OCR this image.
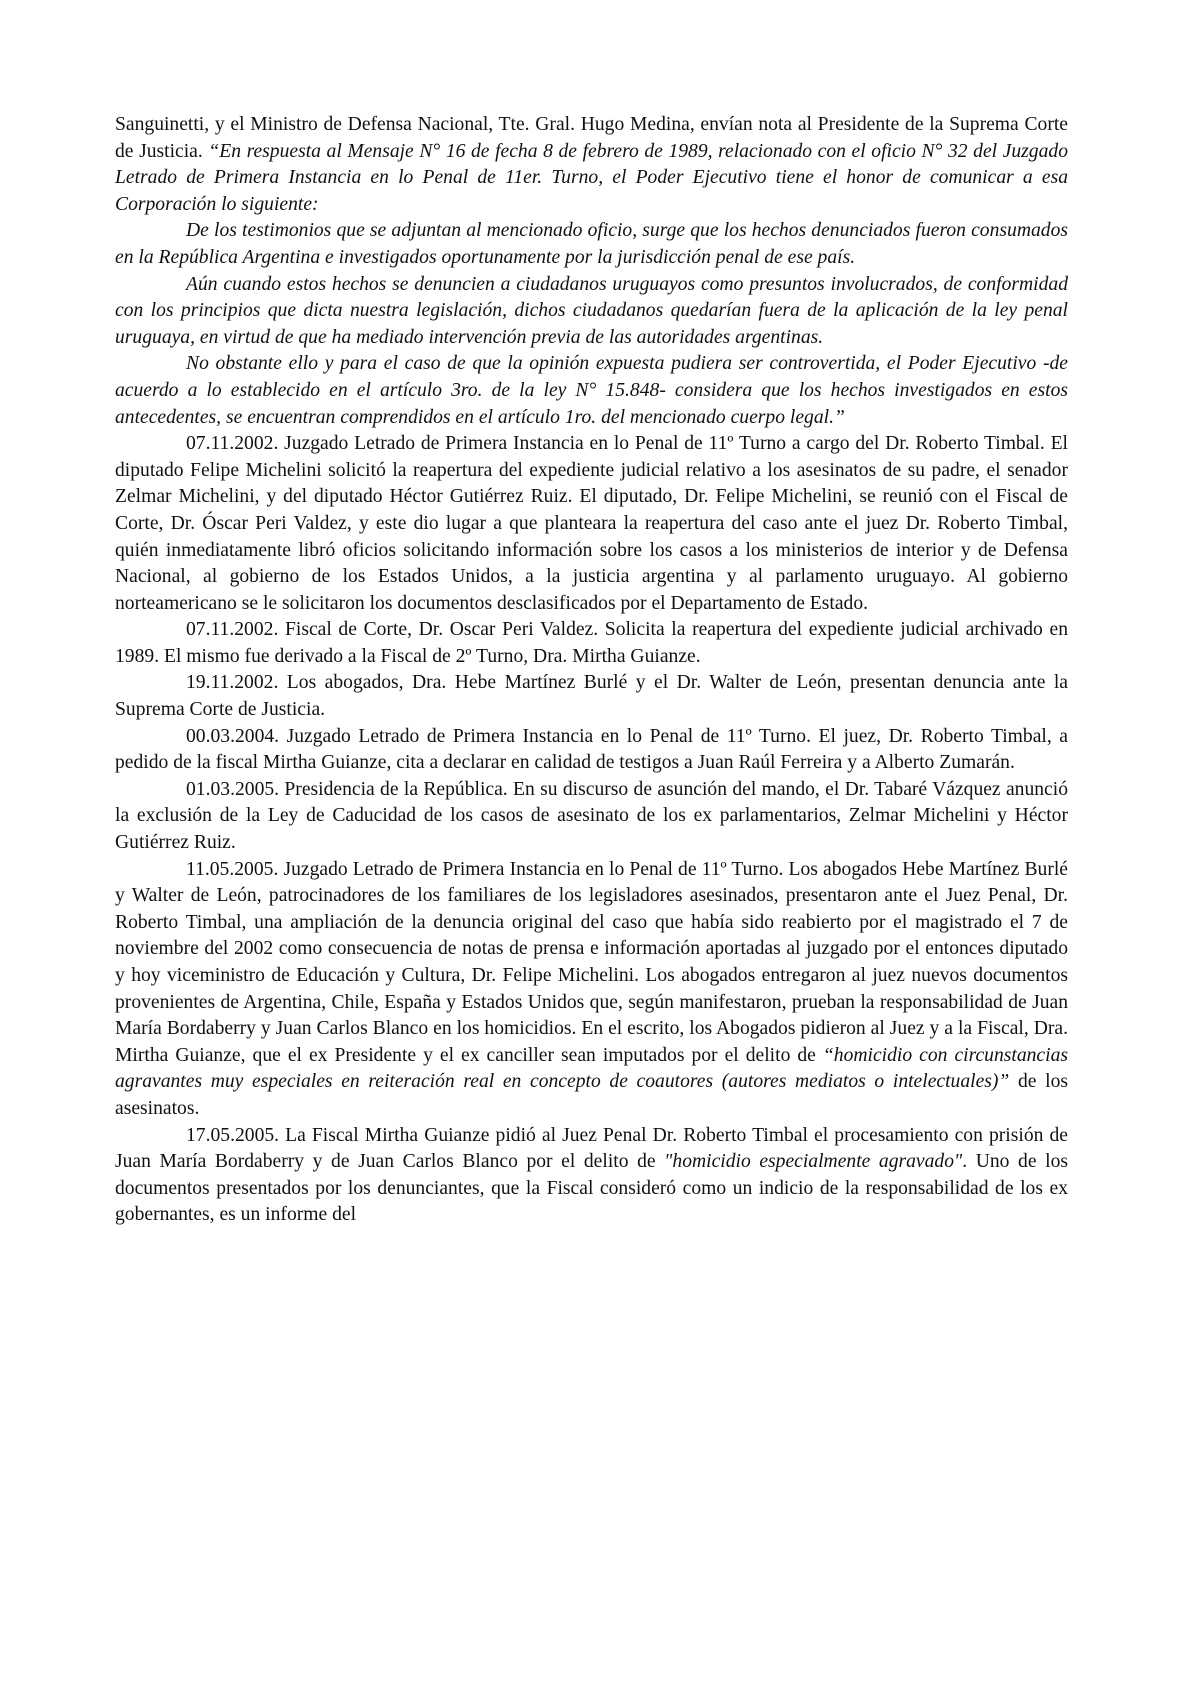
Sanguinetti, y el Ministro de Defensa Nacional, Tte. Gral. Hugo Medina, envían nota al Presidente de la Suprema Corte de Justicia. “En respuesta al Mensaje N° 16 de fecha 8 de febrero de 1989, relacionado con el oficio N° 32 del Juzgado Letrado de Primera Instancia en lo Penal de 11er. Turno, el Poder Ejecutivo tiene el honor de comunicar a esa Corporación lo siguiente:

De los testimonios que se adjuntan al mencionado oficio, surge que los hechos denunciados fueron consumados en la República Argentina e investigados oportunamente por la jurisdicción penal de ese país.

Aún cuando estos hechos se denuncien a ciudadanos uruguayos como presuntos involucrados, de conformidad con los principios que dicta nuestra legislación, dichos ciudadanos quedarían fuera de la aplicación de la ley penal uruguaya, en virtud de que ha mediado intervención previa de las autoridades argentinas.

No obstante ello y para el caso de que la opinión expuesta pudiera ser controvertida, el Poder Ejecutivo -de acuerdo a lo establecido en el artículo 3ro. de la ley N° 15.848- considera que los hechos investigados en estos antecedentes, se encuentran comprendidos en el artículo 1ro. del mencionado cuerpo legal.”

07.11.2002. Juzgado Letrado de Primera Instancia en lo Penal de 11º Turno a cargo del Dr. Roberto Timbal. El diputado Felipe Michelini solicitó la reapertura del expediente judicial relativo a los asesinatos de su padre, el senador Zelmar Michelini, y del diputado Héctor Gutiérrez Ruiz. El diputado, Dr. Felipe Michelini, se reunió con el Fiscal de Corte, Dr. Óscar Peri Valdez, y este dio lugar a que planteara la reapertura del caso ante el juez Dr. Roberto Timbal, quién inmediatamente libró oficios solicitando información sobre los casos a los ministerios de interior y de Defensa Nacional, al gobierno de los Estados Unidos, a la justicia argentina y al parlamento uruguayo. Al gobierno norteamericano se le solicitaron los documentos desclasificados por el Departamento de Estado.

07.11.2002. Fiscal de Corte, Dr. Oscar Peri Valdez. Solicita la reapertura del expediente judicial archivado en 1989. El mismo fue derivado a la Fiscal de 2º Turno, Dra. Mirtha Guianze.

19.11.2002. Los abogados, Dra. Hebe Martínez Burlé y el Dr. Walter de León, presentan denuncia ante la Suprema Corte de Justicia.

00.03.2004. Juzgado Letrado de Primera Instancia en lo Penal de 11º Turno. El juez, Dr. Roberto Timbal, a pedido de la fiscal Mirtha Guianze, cita a declarar en calidad de testigos a Juan Raúl Ferreira y a Alberto Zumarán.

01.03.2005. Presidencia de la República. En su discurso de asunción del mando, el Dr. Tabaré Vázquez anunció la exclusión de la Ley de Caducidad de los casos de asesinato de los ex parlamentarios, Zelmar Michelini y Héctor Gutiérrez Ruiz.

11.05.2005. Juzgado Letrado de Primera Instancia en lo Penal de 11º Turno. Los abogados Hebe Martínez Burlé y Walter de León, patrocinadores de los familiares de los legisladores asesinados, presentaron ante el Juez Penal, Dr. Roberto Timbal, una ampliación de la denuncia original del caso que había sido reabierto por el magistrado el 7 de noviembre del 2002 como consecuencia de notas de prensa e información aportadas al juzgado por el entonces diputado y hoy viceministro de Educación y Cultura, Dr. Felipe Michelini. Los abogados entregaron al juez nuevos documentos provenientes de Argentina, Chile, España y Estados Unidos que, según manifestaron, prueban la responsabilidad de Juan María Bordaberry y Juan Carlos Blanco en los homicidios. En el escrito, los Abogados pidieron al Juez y a la Fiscal, Dra. Mirtha Guianze, que el ex Presidente y el ex canciller sean imputados por el delito de “homicidio con circunstancias agravantes muy especiales en reiteración real en concepto de coautores (autores mediatos o intelectuales)” de los asesinatos.

17.05.2005. La Fiscal Mirtha Guianze pidió al Juez Penal Dr. Roberto Timbal el procesamiento con prisión de Juan María Bordaberry y de Juan Carlos Blanco por el delito de "homicidio especialmente agravado". Uno de los documentos presentados por los denunciantes, que la Fiscal consideró como un indicio de la responsabilidad de los ex gobernantes, es un informe del
